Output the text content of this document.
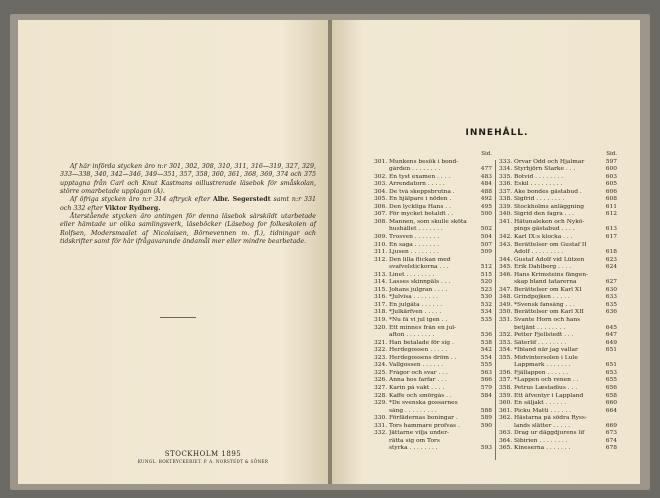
Af här införda stycken äro n:r 301, 302, 308, 310, 311, 316—319, 327, 329, 333—338, 340, 342—346, 349—351, 357, 358, 360, 361, 368, 369, 374 och 375 upptagna från Carl och Knut Kastmans oillustrerade läsebok för småskolan, större omarbetade upplagan (A).

Af öfriga stycken äro n:r 314 aftryck efter Albr. Segerstedt samt n:r 331 och 332 efter Viktor Rydberg.

Återstående stycken äro antingen för denna läsebok särskildt utarbetade eller hämtade ur olika samlingsverk, läseböcker (Läsebog for folkeskolen af Rolfsen, Modersmaalet af Nicolaisen, Börnevennen m. fl.), tidningar och tidskrifter samt för här ifrågavarande ändamål mer eller mindre bearbetade.

STOCKHOLM 1895
KUNGL. BOKTRYCKERIET. P. A. NORSTEDT & SÖNER
INNEHÅLL.
Sid.
301. Munkens besök i bond-
gården . . . . . . . .	477
302. En tyst examen . . . .	483
303. Arrendatorn . . . . .	484
304. De två skeppsbrutna .	488
305. En hjälpare i nöden .	492
306. Den lyckliga Hans . .	495
307. För mycket betaldt . .	500
308. Mannen, som skulle sköta
hushållet . . . . . . .	502
309. Trosven . . . . . . .	504
310. En saga . . . . . . .	507
311. Ljusen . . . . . . . .	509
312. Den lilla flickan med
svafvelstickorna . . .	512
313. Linet . . . . . . . .	515
314. Lasses skinnpäls . . .	520
315. Johans julgran . . . .	523
316. *Julvisa . . . . . . .	530
317. En julgåta . . . . . .	532
318. *Julkärfven . . . . .	534
319. *Nu få vi jul igen . .	535
320. Ett minnes från en jul-
afton . . . . . . . .	536
321. Han betalade för sig .	538
322. Herdegossen . . . . .	542
323. Herdegossens dröm . .	554
324. Vallgossen . . . . . .	555
325. Frågor och svar . . .	563
326. Anna hos farfar . . .	566
327. Karin på vakt . . . .	579
328. Kaffe och smörgås . .	584
329. *De svenska gossarnes
sång . . . . . . . . .	588
330. Förfädernas boningar .	589
331. Tors hammare profvas .	590
332. Jättarne vilja under-
rätta sig om Tors
styrka . . . . . . . .	593
Sid.
333. Orvar Odd och Hjalmar	597
334. Styrbjörn Starke . . .	600
335. Botvid . . . . . . . .	603
336. Eskil . . . . . . . . .	605
337. Åke bondes gästabud .	606
338. Sigfrid . . . . . . . .	608
339. Stockholms anläggning	611
340. Sigrid den fagra . . .	612
341. Hätunaleken och Nykö-
pings gästabud . . . .	613
342. Karl IX:s klocka . . .	617
343. Berättelser om Gustaf II
Adolf . . . . . . . . .	618
344. Gustaf Adolf vid Lützen	623
345. Erik Dahlberg . . . .	624
346. Hans Krimsteins fängen-
skap bland tatarerna	627
347. Berättelser om Karl XI	630
348. Grindpojken . . . . .	633
349. *Svensk fansång . . .	635
350. Berättelser om Karl XII	636
351. Svante Horn och hans
betjänt . . . . . . . .	645
352. Petter Fjellstedt . . .	647
353. Säterlif . . . . . . . .	649
354. *Ibland när jag vallar	651
355. Midvintersolen i Lule
Lappmark . . . . . . .	651
356. Fjällappen . . . . . .	653
357. *Lappen och renen . .	655
358. Petrus Læstadius . . .	656
359. Ett äfventyr i Lappland	658
360. En säljakt . . . . . .	660
361. Picku Matti . . . . . .	664
362. Hästarna på södra Ryss-
lands slätter . . . . .	669
363. Drag ur däggdjurens lif	673
364. Sibirien . . . . . . . .	674
365. Kineserna . . . . . . .	678
